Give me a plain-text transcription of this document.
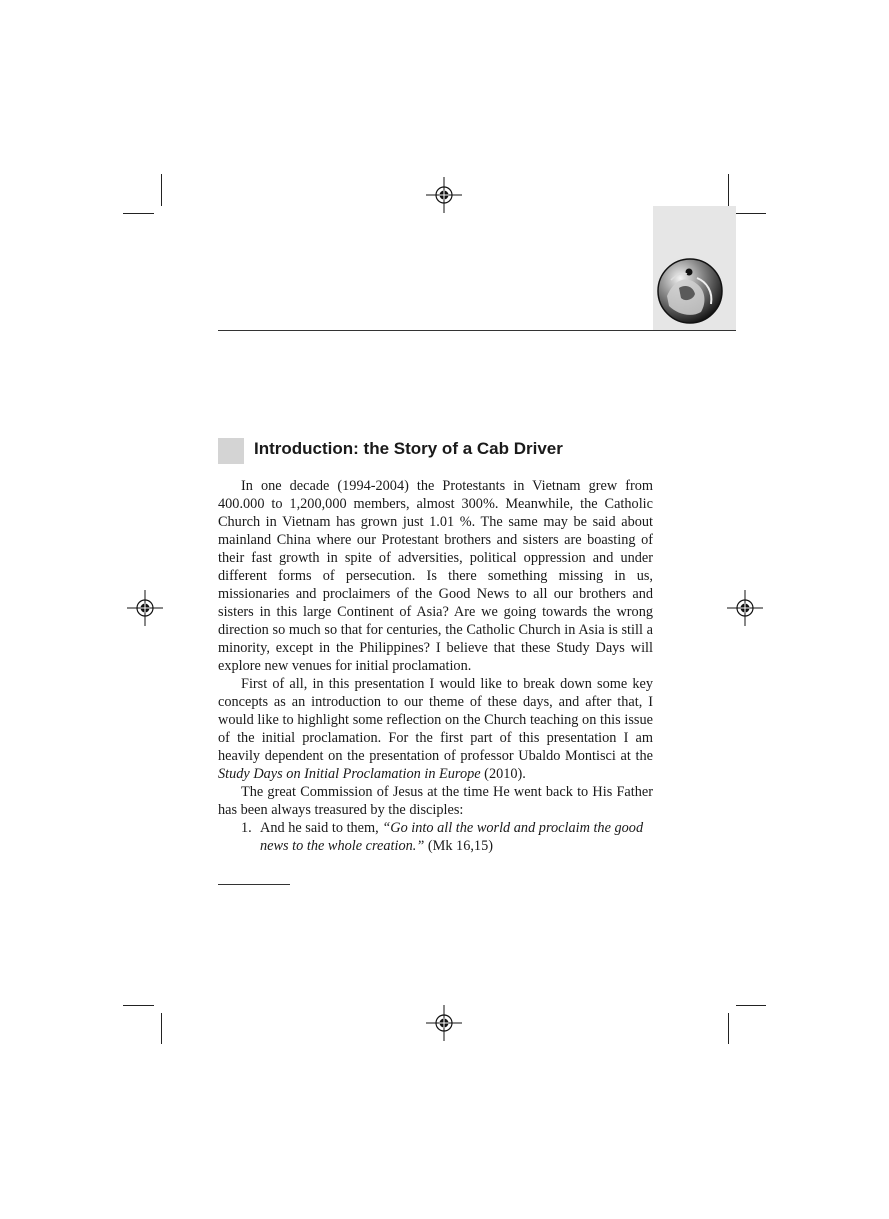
Introduction: the Story of a Cab Driver

In one decade (1994-2004) the Protestants in Vietnam grew from 400.000 to 1,200,000 members, almost 300%. Meanwhile, the Catholic Church in Vietnam has grown just 1.01 %. The same may be said about mainland China where our Protestant brothers and sisters are boasting of their fast growth in spite of adversities, political oppression and under different forms of persecution. Is there something missing in us, missionaries and proclaimers of the Good News to all our brothers and sisters in this large Continent of Asia? Are we going towards the wrong direction so much so that for centuries, the Catholic Church in Asia is still a minority, except in the Philippines? I believe that these Study Days will explore new venues for initial proclamation.

First of all, in this presentation I would like to break down some key concepts as an introduction to our theme of these days, and after that, I would like to highlight some reflection on the Church teaching on this issue of the initial proclamation. For the first part of this presentation I am heavily dependent on the presentation of professor Ubaldo Montisci at the Study Days on Initial Proclamation in Europe (2010).

The great Commission of Jesus at the time He went back to His Father has been always treasured by the disciples:

1. And he said to them, “Go into all the world and proclaim the good news to the whole creation.” (Mk 16,15)
